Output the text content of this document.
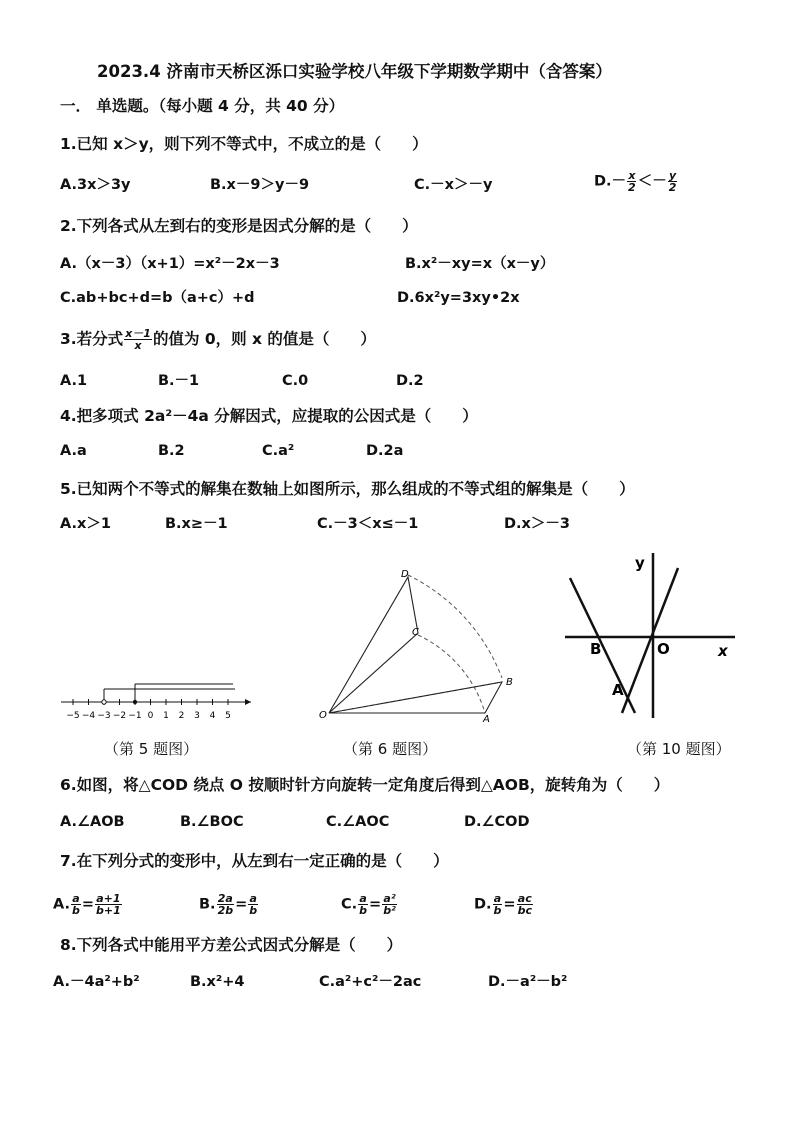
2023.4 济南市天桥区泺口实验学校八年级下学期数学期中（含答案）
一． 单选题。（每小题 4 分，共 40 分）
1.已知 x＞y，则下列不等式中，不成立的是（　　）
A.3x＞3y	B.x－9＞y－9	C.－x＞－y	$D.- \frac{x}{2} <- \frac{y}{2}$
2.下列各式从左到右的变形是因式分解的是（　　）
A.（x－3）（x+1）=x²－2x－3	B.x²－xy=x（x－y）
C.ab+bc+d=b（a+c）+d	D.6x²y=3xy•2x
3.若分式 $\frac{x-1}{x}$ 的值为 0，则 x 的值是（　　）
A.1	B.－1	C.0	D.2
4.把多项式 2a²－4a 分解因式，应提取的公因式是（　　）
A.a	B.2	C.a²	D.2a
5.已知两个不等式的解集在数轴上如图所示，那么组成的不等式组的解集是（　　）
A.x＞1	B.x≥－1	C.－3＜x≤－1	D.x＞－3
−5 −4 −3 −2 −1 0 1 2 3 4 5
（第 5 题图）
D
C
B
O	A
（第 6 题图）
y
x
B	O
A
（第 10 题图）
6.如图，将△COD 绕点 O 按顺时针方向旋转一定角度后得到△AOB，旋转角为（　　）
A.∠AOB	B.∠BOC	C.∠AOC	D.∠COD
7.在下列分式的变形中，从左到右一定正确的是（　　）
A. $\frac{a}{b} = \frac{a+1}{b+1}$	B. $\frac{2a}{2b} = \frac{a}{b}$	C. $\frac{a}{b} = \frac{\text{a²}}{\text{b²}}$	D. $\frac{a}{b} = \frac{ac}{bc}$
8.下列各式中能用平方差公式因式分解是（　　）
A.－4a²+b²	B.x²+4	C.a²+c²－2ac	D.－a²－b²
